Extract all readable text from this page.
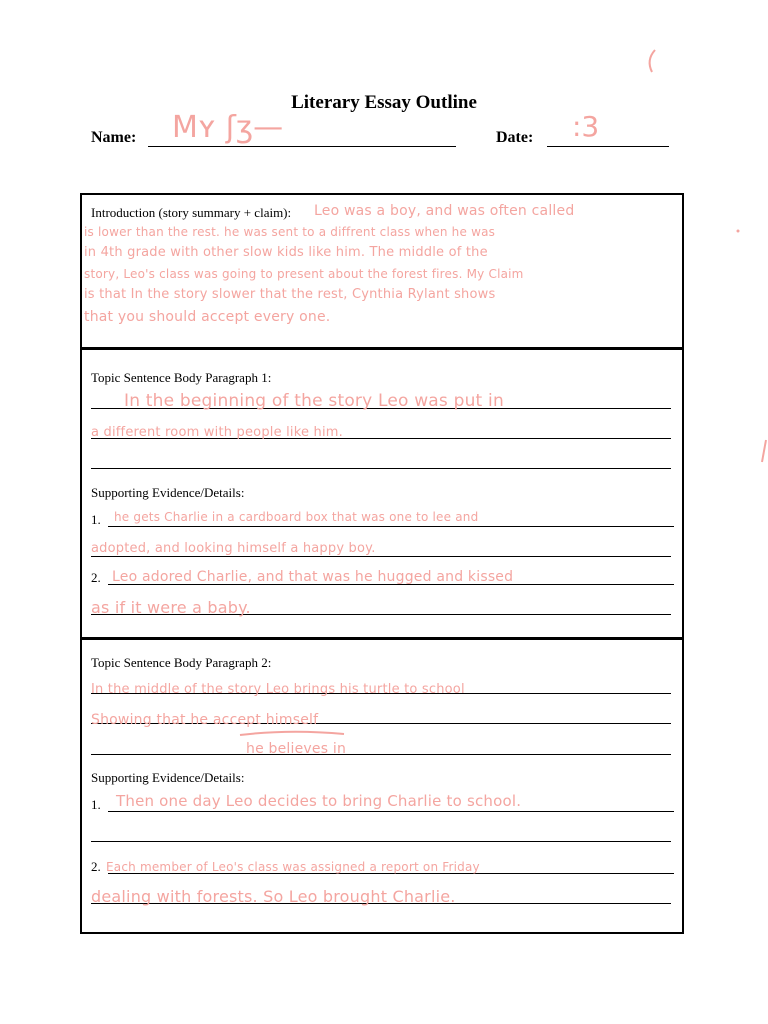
Literary Essay Outline
Name: Mʏ ʃʒ—	Date: :3
Introduction (story summary + claim): Leo was a boy, and was often called
is lower than the rest. he was sent to a diffrent class when he was
in 4th grade with other slow kids like him. The middle of the
story, Leo's class was going to present about the forest fires. My Claim
is that In the story slower that the rest, Cynthia Rylant shows
that you should accept every one.
Topic Sentence Body Paragraph 1:
In the beginning of the story Leo was put in
a different room with people like him.
Supporting Evidence/Details:
1. he gets Charlie in a cardboard box that was one to lee and
adopted, and looking himself a happy boy.
2. Leo adored Charlie, and that was he hugged and kissed
as if it were a baby.
Topic Sentence Body Paragraph 2:
In the middle of the story Leo brings his turtle to school
Showing that he accept himself
he believes in
Supporting Evidence/Details:
1. Then one day Leo decides to bring Charlie to school.
2. Each member of Leo's class was assigned a report on Friday
dealing with forests. So Leo brought Charlie.
